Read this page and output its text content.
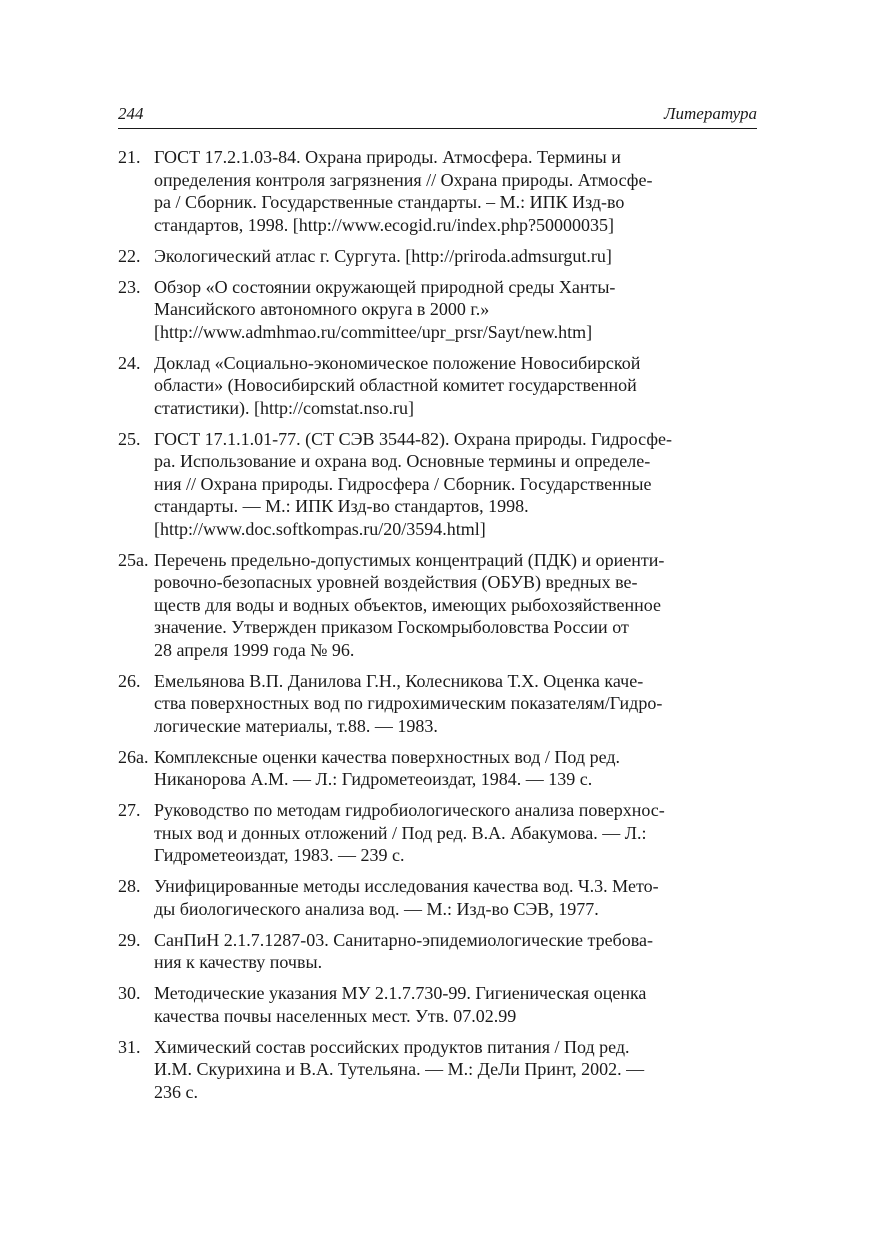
244	Литература
21. ГОСТ 17.2.1.03-84. Охрана природы. Атмосфера. Термины и
определения контроля загрязнения // Охрана природы. Атмосфе-
ра / Сборник. Государственные стандарты. – М.: ИПК Изд-во
стандартов, 1998. [http://www.ecogid.ru/index.php?50000035]
22. Экологический атлас г. Сургута. [http://priroda.admsurgut.ru]
23. Обзор «О состоянии окружающей природной среды Ханты-
Мансийского автономного округа в 2000 г.»
[http://www.admhmao.ru/committee/upr_prsr/Sayt/new.htm]
24. Доклад «Социально-экономическое положение Новосибирской
области» (Новосибирский областной комитет государственной
статистики). [http://comstat.nso.ru]
25. ГОСТ 17.1.1.01-77. (СТ СЭВ 3544-82). Охрана природы. Гидросфе-
ра. Использование и охрана вод. Основные термины и определе-
ния // Охрана природы. Гидросфера / Сборник. Государственные
стандарты. — М.: ИПК Изд-во стандартов, 1998.
[http://www.doc.softkompas.ru/20/3594.html]
25а. Перечень предельно-допустимых концентраций (ПДК) и ориенти-
ровочно-безопасных уровней воздействия (ОБУВ) вредных ве-
ществ для воды и водных объектов, имеющих рыбохозяйственное
значение. Утвержден приказом Госкомрыболовства России от
28 апреля 1999 года № 96.
26. Емельянова В.П. Данилова Г.Н., Колесникова Т.Х. Оценка каче-
ства поверхностных вод по гидрохимическим показателям/Гидро-
логические материалы, т.88. — 1983.
26а. Комплексные оценки качества поверхностных вод / Под ред.
Никанорова А.М. — Л.: Гидрометеоиздат, 1984. — 139 с.
27. Руководство по методам гидробиологического анализа поверхнос-
тных вод и донных отложений / Под ред. В.А. Абакумова. — Л.:
Гидрометеоиздат, 1983. — 239 с.
28. Унифицированные методы исследования качества вод. Ч.3. Мето-
ды биологического анализа вод. — М.: Изд-во СЭВ, 1977.
29. СанПиН 2.1.7.1287-03. Санитарно-эпидемиологические требова-
ния к качеству почвы.
30. Методические указания МУ 2.1.7.730-99. Гигиеническая оценка
качества почвы населенных мест. Утв. 07.02.99
31. Химический состав российских продуктов питания / Под ред.
И.М. Скурихина и В.А. Тутельяна. — М.: ДеЛи Принт, 2002. —
236 с.
